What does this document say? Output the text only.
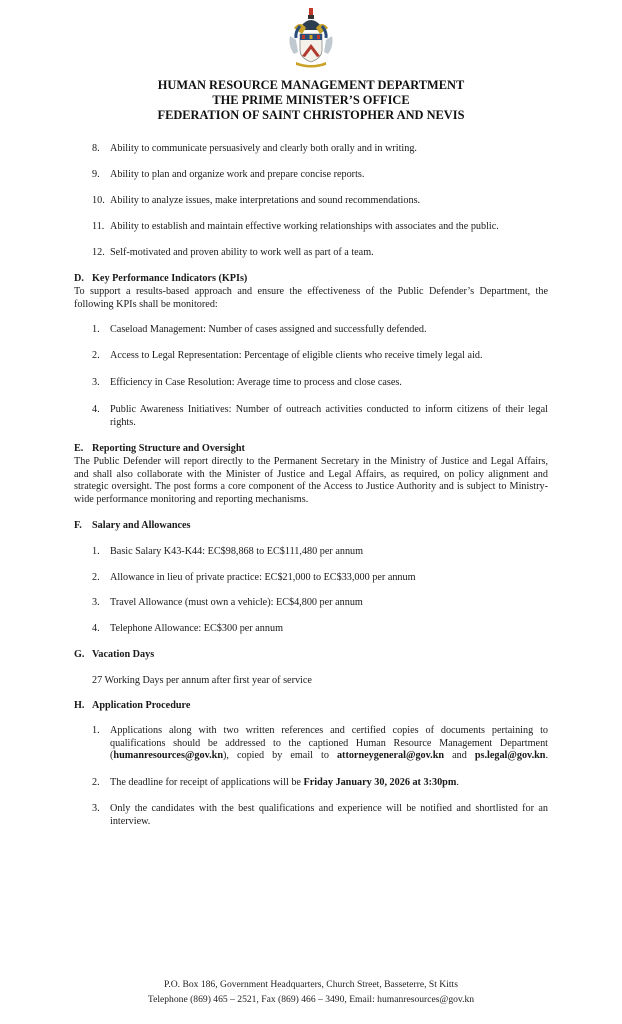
HUMAN RESOURCE MANAGEMENT DEPARTMENT
THE PRIME MINISTER’S OFFICE
FEDERATION OF SAINT CHRISTOPHER AND NEVIS
8.	Ability to communicate persuasively and clearly both orally and in writing.
9.	Ability to plan and organize work and prepare concise reports.
10. Ability to analyze issues, make interpretations and sound recommendations.
11. Ability to establish and maintain effective working relationships with associates and the public.
12. Self-motivated and proven ability to work well as part of a team.
D. Key Performance Indicators (KPIs)
To support a results-based approach and ensure the effectiveness of the Public Defender’s Department, the following KPIs shall be monitored:
1.	Caseload Management: Number of cases assigned and successfully defended.
2.	Access to Legal Representation: Percentage of eligible clients who receive timely legal aid.
3.	Efficiency in Case Resolution: Average time to process and close cases.
4.	Public Awareness Initiatives: Number of outreach activities conducted to inform citizens of their legal rights.
E. Reporting Structure and Oversight
The Public Defender will report directly to the Permanent Secretary in the Ministry of Justice and Legal Affairs, and shall also collaborate with the Minister of Justice and Legal Affairs, as required, on policy alignment and strategic oversight. The post forms a core component of the Access to Justice Authority and is subject to Ministry-wide performance monitoring and reporting mechanisms.
F. Salary and Allowances
1.	Basic Salary K43-K44: EC$98,868 to EC$111,480 per annum
2.	Allowance in lieu of private practice: EC$21,000 to EC$33,000 per annum
3.	Travel Allowance (must own a vehicle): EC$4,800 per annum
4.	Telephone Allowance: EC$300 per annum
G. Vacation Days
27 Working Days per annum after first year of service
H. Application Procedure
1.	Applications along with two written references and certified copies of documents pertaining to qualifications should be addressed to the captioned Human Resource Management Department (humanresources@gov.kn), copied by email to attorneygeneral@gov.kn and ps.legal@gov.kn.
2.	The deadline for receipt of applications will be Friday January 30, 2026 at 3:30pm.
3.	Only the candidates with the best qualifications and experience will be notified and shortlisted for an interview.
P.O. Box 186, Government Headquarters, Church Street, Basseterre, St Kitts
Telephone (869) 465 – 2521, Fax (869) 466 – 3490, Email: humanresources@gov.kn
